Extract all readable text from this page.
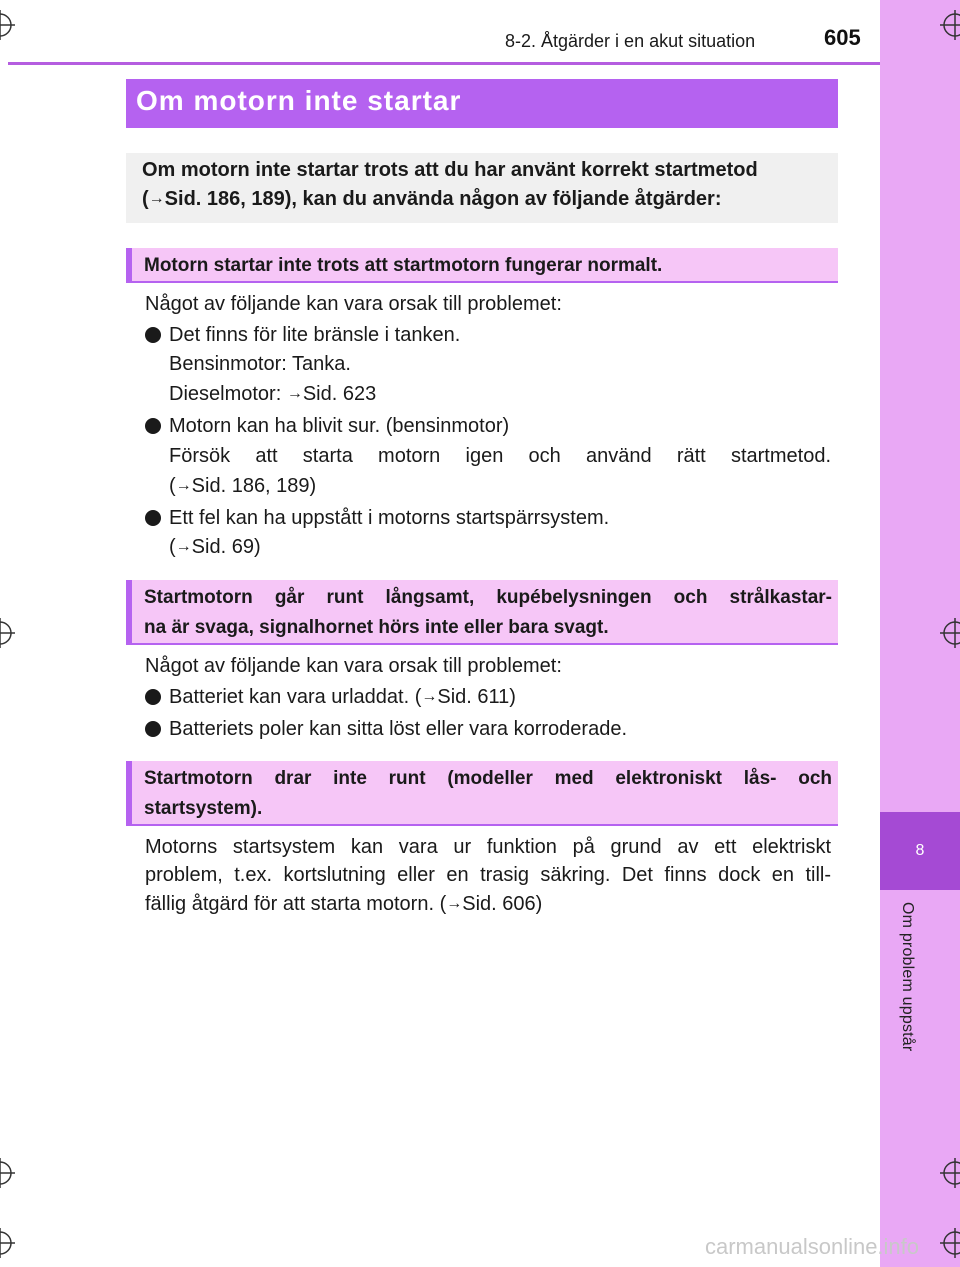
8
Om problem uppstår
8-2. Åtgärder i en akut situation	605
Om motorn inte startar
Om motorn inte startar trots att du har använt korrekt startmetod
(→Sid. 186, 189), kan du använda någon av följande åtgärder:
Motorn startar inte trots att startmotorn fungerar normalt.
Något av följande kan vara orsak till problemet:
Det finns för lite bränsle i tanken.
Bensinmotor: Tanka.
Dieselmotor: →Sid. 623
Motorn kan ha blivit sur. (bensinmotor)
Försök att starta motorn igen och använd rätt startmetod.
(→Sid. 186, 189)
Ett fel kan ha uppstått i motorns startspärrsystem.
(→Sid. 69)
Startmotorn går runt långsamt, kupébelysningen och strålkastar-
na är svaga, signalhornet hörs inte eller bara svagt.
Något av följande kan vara orsak till problemet:
Batteriet kan vara urladdat. (→Sid. 611)
Batteriets poler kan sitta löst eller vara korroderade.
Startmotorn drar inte runt (modeller med elektroniskt lås- och
startsystem).
Motorns startsystem kan vara ur funktion på grund av ett elektriskt
problem, t.ex. kortslutning eller en trasig säkring. Det finns dock en till-
fällig åtgärd för att starta motorn. (→Sid. 606)
carmanualsonline.info
